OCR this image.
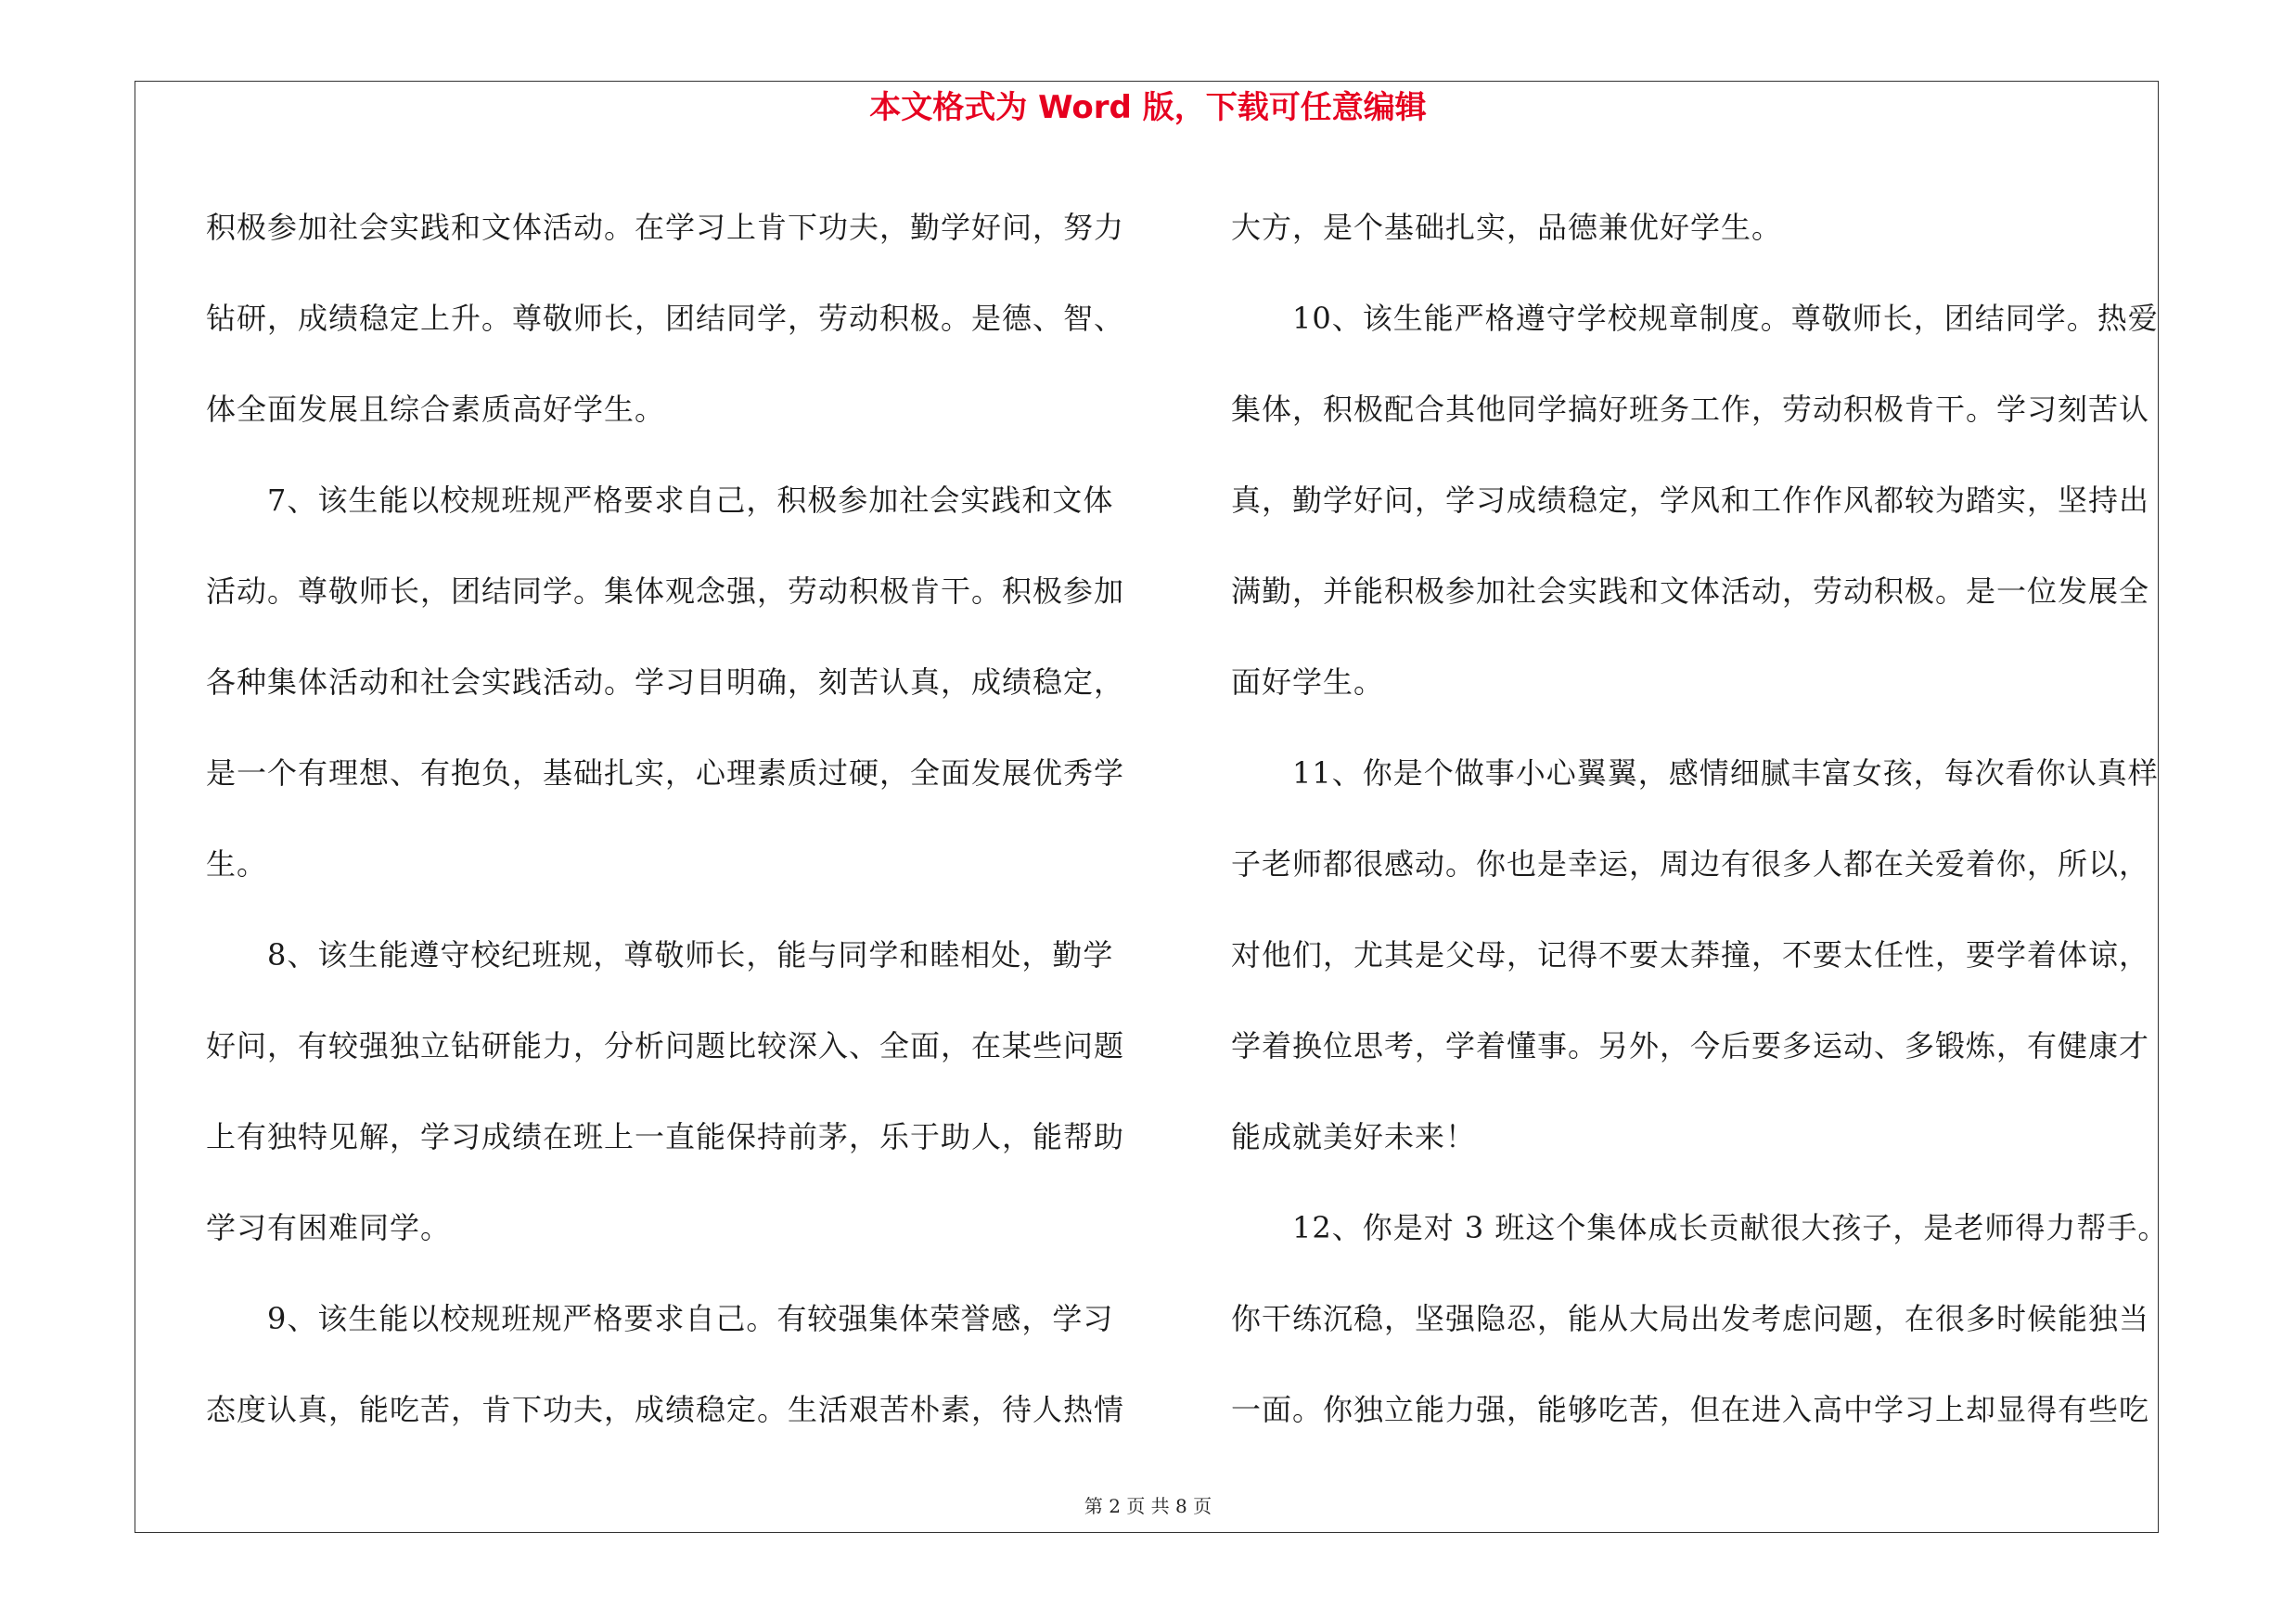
本文格式为 Word 版，下载可任意编辑

积极参加社会实践和文体活动。在学习上肯下功夫，勤学好问，努力
钻研，成绩稳定上升。尊敬师长，团结同学，劳动积极。是德、智、
体全面发展且综合素质高好学生。
　　7、该生能以校规班规严格要求自己，积极参加社会实践和文体
活动。尊敬师长，团结同学。集体观念强，劳动积极肯干。积极参加
各种集体活动和社会实践活动。学习目明确，刻苦认真，成绩稳定，
是一个有理想、有抱负，基础扎实，心理素质过硬，全面发展优秀学
生。
　　8、该生能遵守校纪班规，尊敬师长，能与同学和睦相处，勤学
好问，有较强独立钻研能力，分析问题比较深入、全面，在某些问题
上有独特见解，学习成绩在班上一直能保持前茅，乐于助人，能帮助
学习有困难同学。
　　9、该生能以校规班规严格要求自己。有较强集体荣誉感，学习
态度认真，能吃苦，肯下功夫，成绩稳定。生活艰苦朴素，待人热情
大方，是个基础扎实，品德兼优好学生。
　　10、该生能严格遵守学校规章制度。尊敬师长，团结同学。热爱
集体，积极配合其他同学搞好班务工作，劳动积极肯干。学习刻苦认
真，勤学好问，学习成绩稳定，学风和工作作风都较为踏实，坚持出
满勤，并能积极参加社会实践和文体活动，劳动积极。是一位发展全
面好学生。
　　11、你是个做事小心翼翼，感情细腻丰富女孩，每次看你认真样
子老师都很感动。你也是幸运，周边有很多人都在关爱着你，所以，
对他们，尤其是父母，记得不要太莽撞，不要太任性，要学着体谅，
学着换位思考，学着懂事。另外，今后要多运动、多锻炼，有健康才
能成就美好未来！
　　12、你是对 3 班这个集体成长贡献很大孩子，是老师得力帮手。
你干练沉稳，坚强隐忍，能从大局出发考虑问题，在很多时候能独当
一面。你独立能力强，能够吃苦，但在进入高中学习上却显得有些吃
第 2 页 共 8 页
